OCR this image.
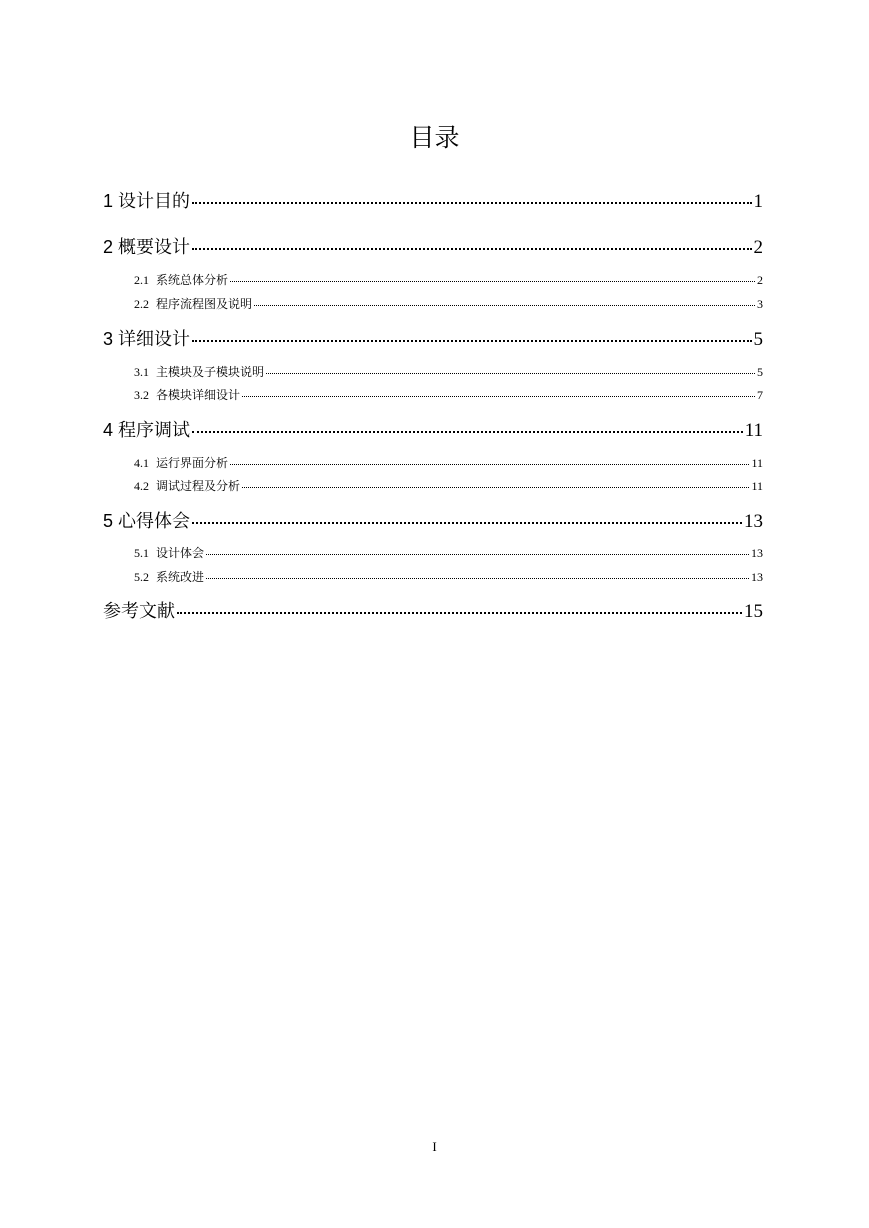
目录
1 设计目的	1
2 概要设计	2
2.1 系统总体分析	2
2.2 程序流程图及说明	3
3 详细设计	5
3.1 主模块及子模块说明	5
3.2 各模块详细设计	7
4 程序调试	11
4.1 运行界面分析	11
4.2 调试过程及分析	11
5 心得体会	13
5.1 设计体会	13
5.2 系统改进	13
参考文献	15
I
